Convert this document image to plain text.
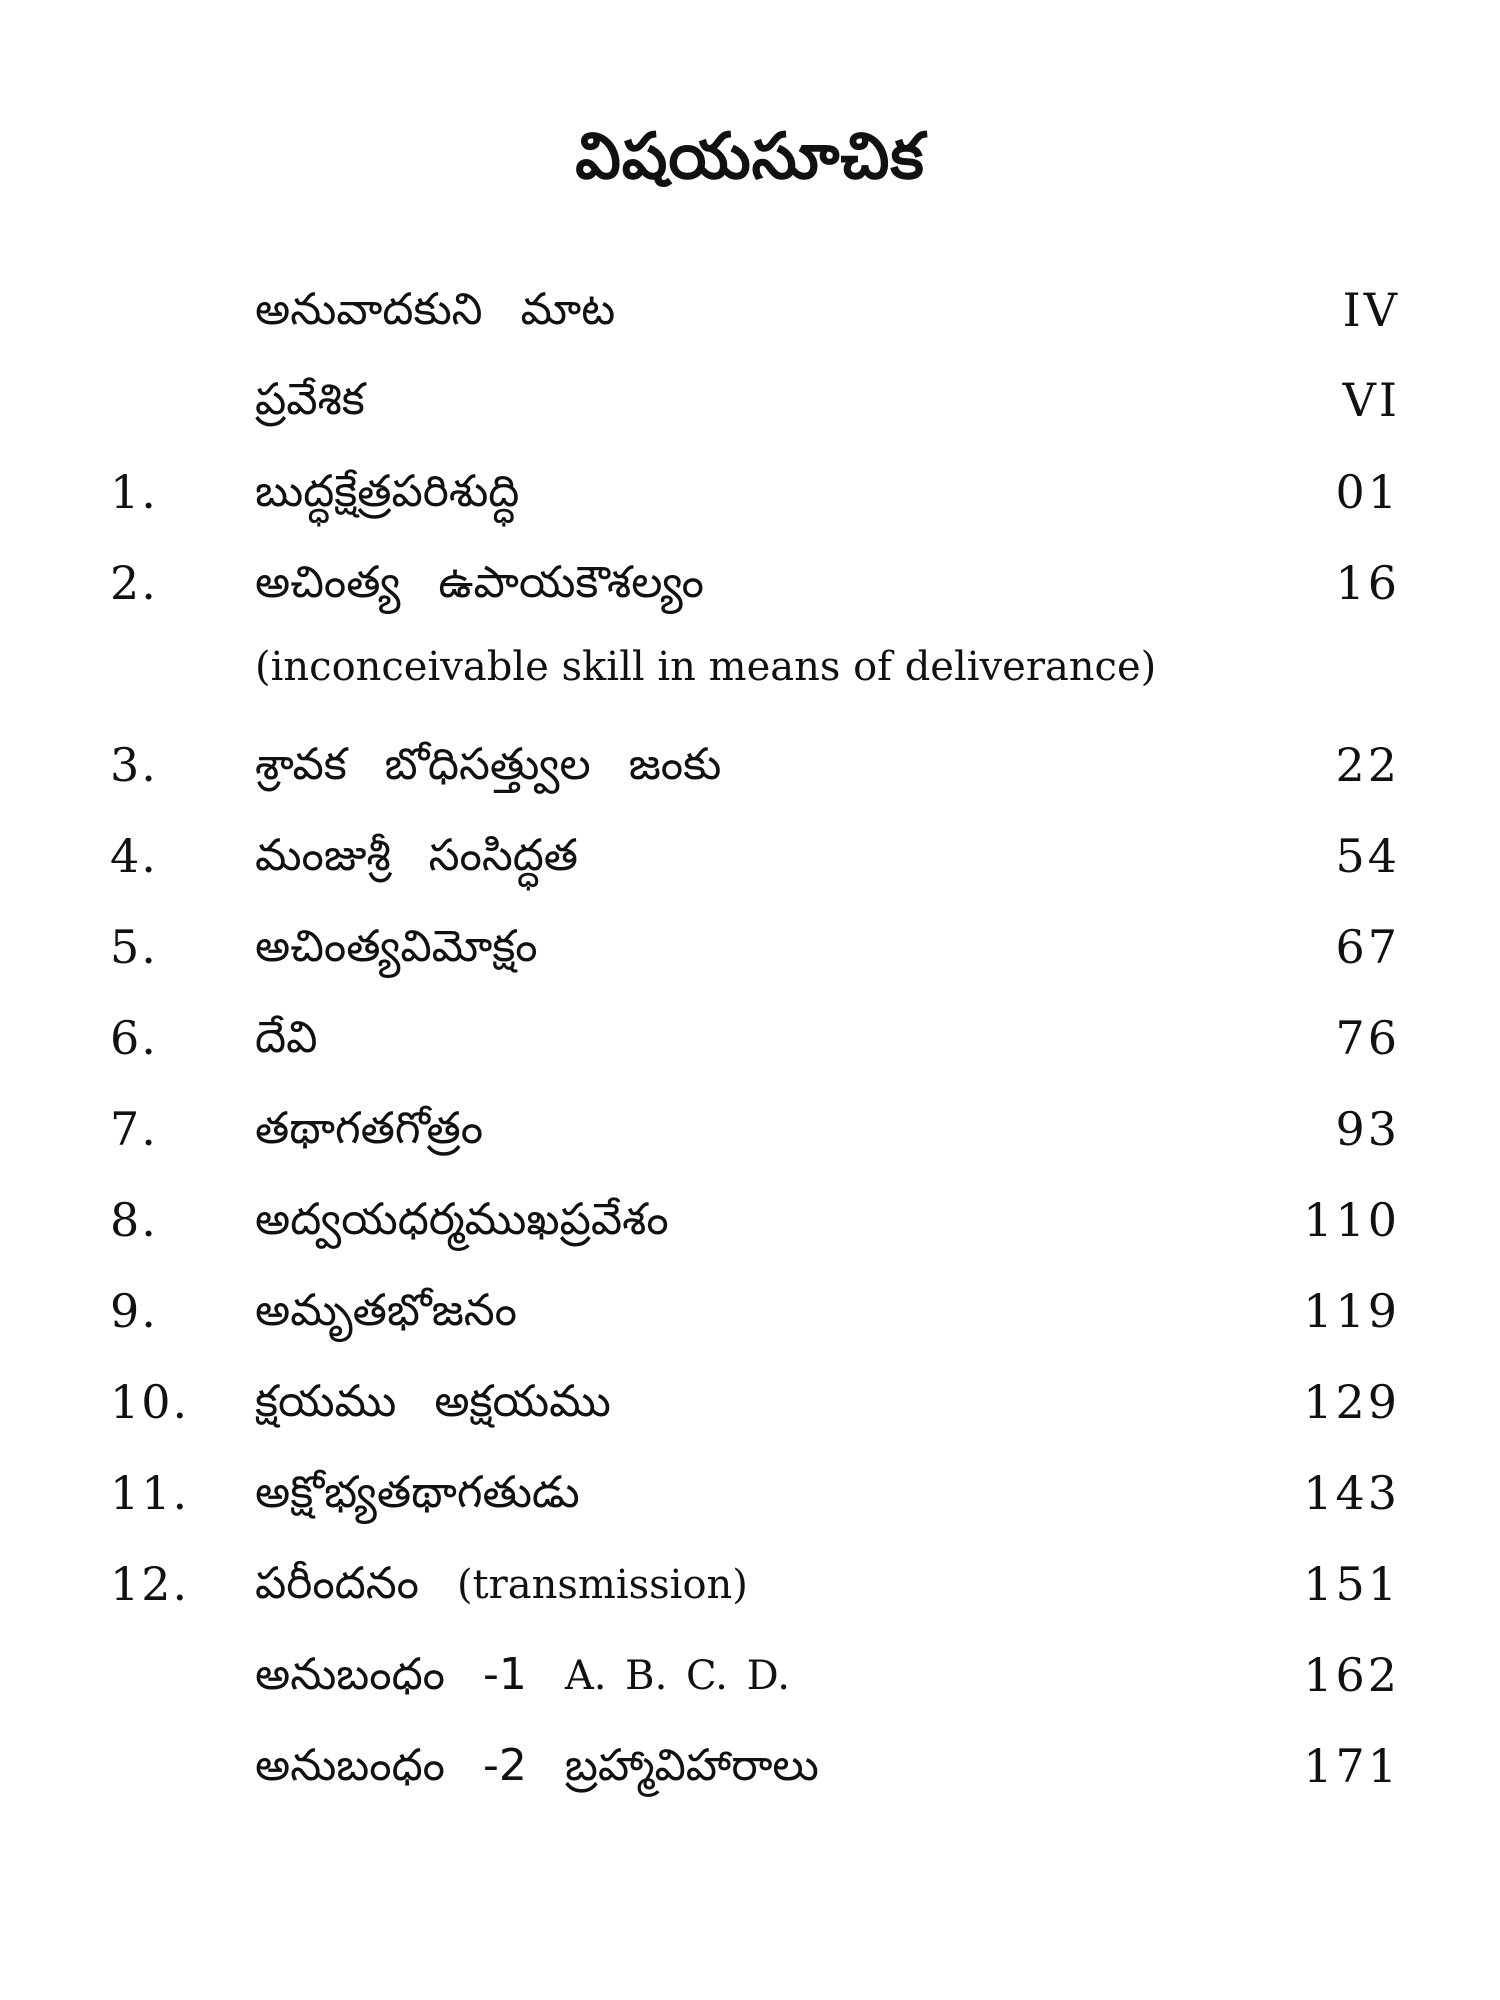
విషయసూచిక
అనువాదకుని మాట	IV
ప్రవేశిక	VI
1.	బుద్ధక్షేత్రపరిశుద్ధి	01
2.	అచింత్య ఉపాయకౌశల్యం	16
(inconceivable skill in means of deliverance)
3.	శ్రావక బోధిసత్త్వుల జంకు	22
4.	మంజుశ్రీ సంసిద్ధత	54
5.	అచింత్యవిమోక్షం	67
6.	దేవి	76
7.	తథాగతగోత్రం	93
8.	అద్వయధర్మముఖప్రవేశం	110
9.	అమృతభోజనం	119
10.	క్షయము అక్షయము	129
11.	అక్షోభ్యతథాగతుడు	143
12.	పరీందనం (transmission)	151
అనుబంధం -1 A. B. C. D.	162
అనుబంధం -2 బ్రహ్మావిహారాలు	171
